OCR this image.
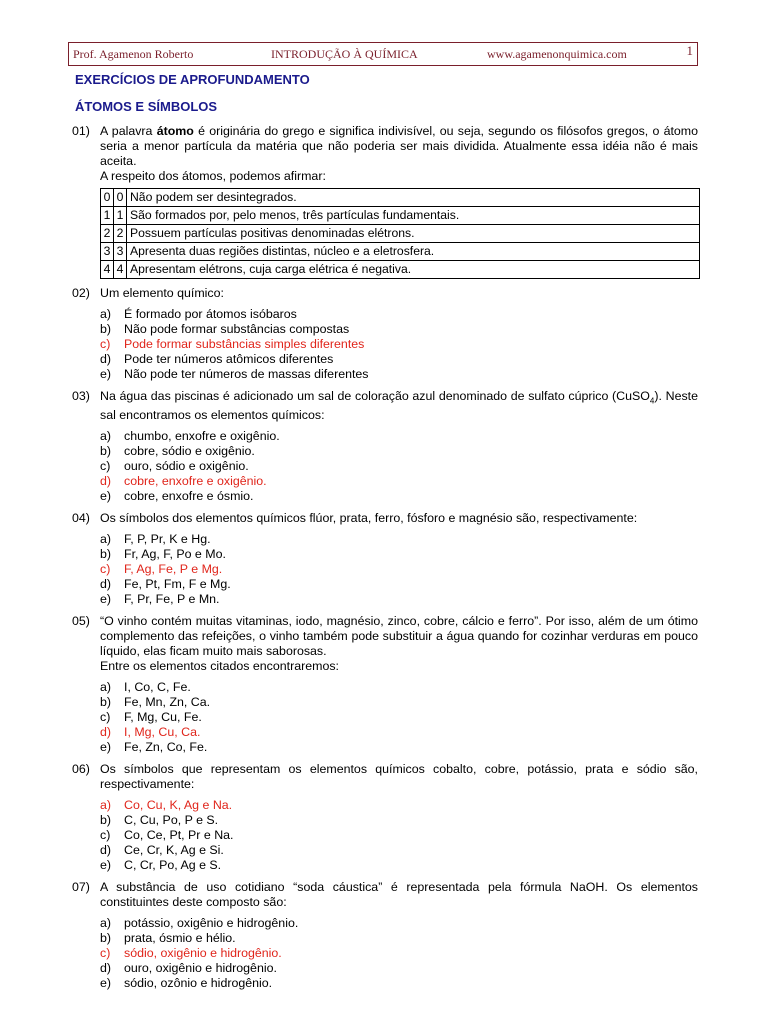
Prof. Agamenon Roberto	INTRODUÇÃO À QUÍMICA	www.agamenonquimica.com	1
EXERCÍCIOS DE APROFUNDAMENTO
ÁTOMOS E SÍMBOLOS
01) A palavra átomo é originária do grego e significa indivisível, ou seja, segundo os filósofos gregos, o átomo seria a menor partícula da matéria que não poderia ser mais dividida. Atualmente essa idéia não é mais aceita.

A respeito dos átomos, podemos afirmar:

0	0	Não podem ser desintegrados.
1	1	São formados por, pelo menos, três partículas fundamentais.
2	2	Possuem partículas positivas denominadas elétrons.
3	3	Apresenta duas regiões distintas, núcleo e a eletrosfera.
4	4	Apresentam elétrons, cuja carga elétrica é negativa.
02) Um elemento químico:

a) É formado por átomos isóbaros
b) Não pode formar substâncias compostas
c) Pode formar substâncias simples diferentes
d) Pode ter números atômicos diferentes
e) Não pode ter números de massas diferentes
03) Na água das piscinas é adicionado um sal de coloração azul denominado de sulfato cúprico (CuSO$_4$). Neste sal encontramos os elementos químicos:

a) chumbo, enxofre e oxigênio.
b) cobre, sódio e oxigênio.
c) ouro, sódio e oxigênio.
d) cobre, enxofre e oxigênio.
e) cobre, enxofre e ósmio.
04) Os símbolos dos elementos químicos flúor, prata, ferro, fósforo e magnésio são, respectivamente:

a) F, P, Pr, K e Hg.
b) Fr, Ag, F, Po e Mo.
c) F, Ag, Fe, P e Mg.
d) Fe, Pt, Fm, F e Mg.
e) F, Pr, Fe, P e Mn.
05) “O vinho contém muitas vitaminas, iodo, magnésio, zinco, cobre, cálcio e ferro”. Por isso, além de um ótimo complemento das refeições, o vinho também pode substituir a água quando for cozinhar verduras em pouco líquido, elas ficam muito mais saborosas.

Entre os elementos citados encontraremos:

a) I, Co, C, Fe.
b) Fe, Mn, Zn, Ca.
c) F, Mg, Cu, Fe.
d) I, Mg, Cu, Ca.
e) Fe, Zn, Co, Fe.
06) Os símbolos que representam os elementos químicos cobalto, cobre, potássio, prata e sódio são, respectivamente:

a) Co, Cu, K, Ag e Na.
b) C, Cu, Po, P e S.
c) Co, Ce, Pt, Pr e Na.
d) Ce, Cr, K, Ag e Si.
e) C, Cr, Po, Ag e S.
07) A substância de uso cotidiano “soda cáustica” é representada pela fórmula NaOH. Os elementos constituintes deste composto são:

a) potássio, oxigênio e hidrogênio.
b) prata, ósmio e hélio.
c) sódio, oxigênio e hidrogênio.
d) ouro, oxigênio e hidrogênio.
e) sódio, ozônio e hidrogênio.
